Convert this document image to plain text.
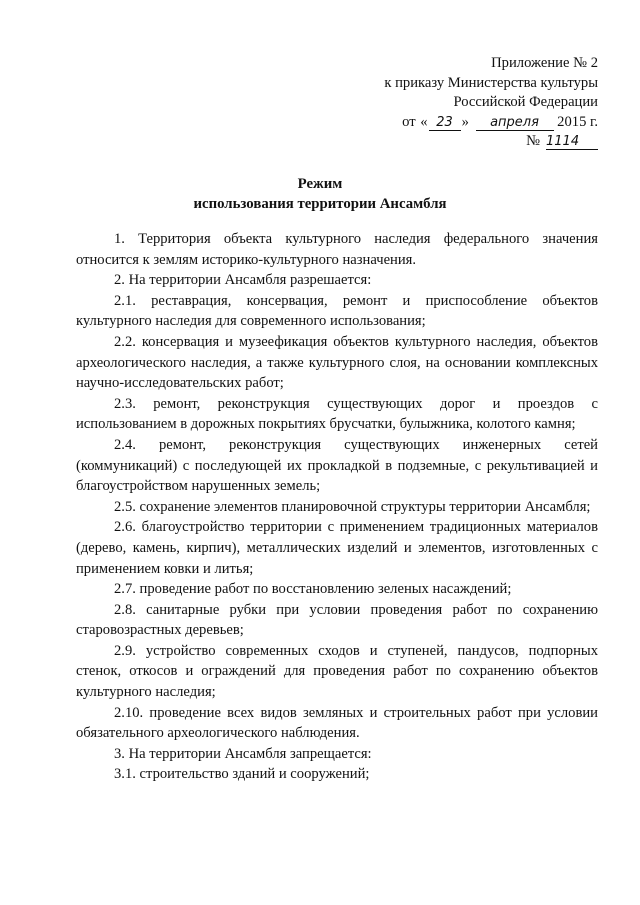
Приложение № 2
к приказу Министерства культуры
Российской Федерации
от « 23 » апреля 2015 г.
№ 1114
Режим
использования территории Ансамбля

1. Территория объекта культурного наследия федерального значения относится к землям историко-культурного назначения.

2. На территории Ансамбля разрешается:

2.1. реставрация, консервация, ремонт и приспособление объектов культурного наследия для современного использования;

2.2. консервация и музеефикация объектов культурного наследия, объектов археологического наследия, а также культурного слоя, на основании комплексных научно-исследовательских работ;

2.3. ремонт, реконструкция существующих дорог и проездов с использованием в дорожных покрытиях брусчатки, булыжника, колотого камня;

2.4. ремонт, реконструкция существующих инженерных сетей (коммуникаций) с последующей их прокладкой в подземные, с рекультивацией и благоустройством нарушенных земель;

2.5. сохранение элементов планировочной структуры территории Ансамбля;

2.6. благоустройство территории с применением традиционных материалов (дерево, камень, кирпич), металлических изделий и элементов, изготовленных с применением ковки и литья;

2.7. проведение работ по восстановлению зеленых насаждений;

2.8. санитарные рубки при условии проведения работ по сохранению старовозрастных деревьев;

2.9. устройство современных сходов и ступеней, пандусов, подпорных стенок, откосов и ограждений для проведения работ по сохранению объектов культурного наследия;

2.10. проведение всех видов земляных и строительных работ при условии обязательного археологического наблюдения.

3. На территории Ансамбля запрещается:

3.1. строительство зданий и сооружений;
